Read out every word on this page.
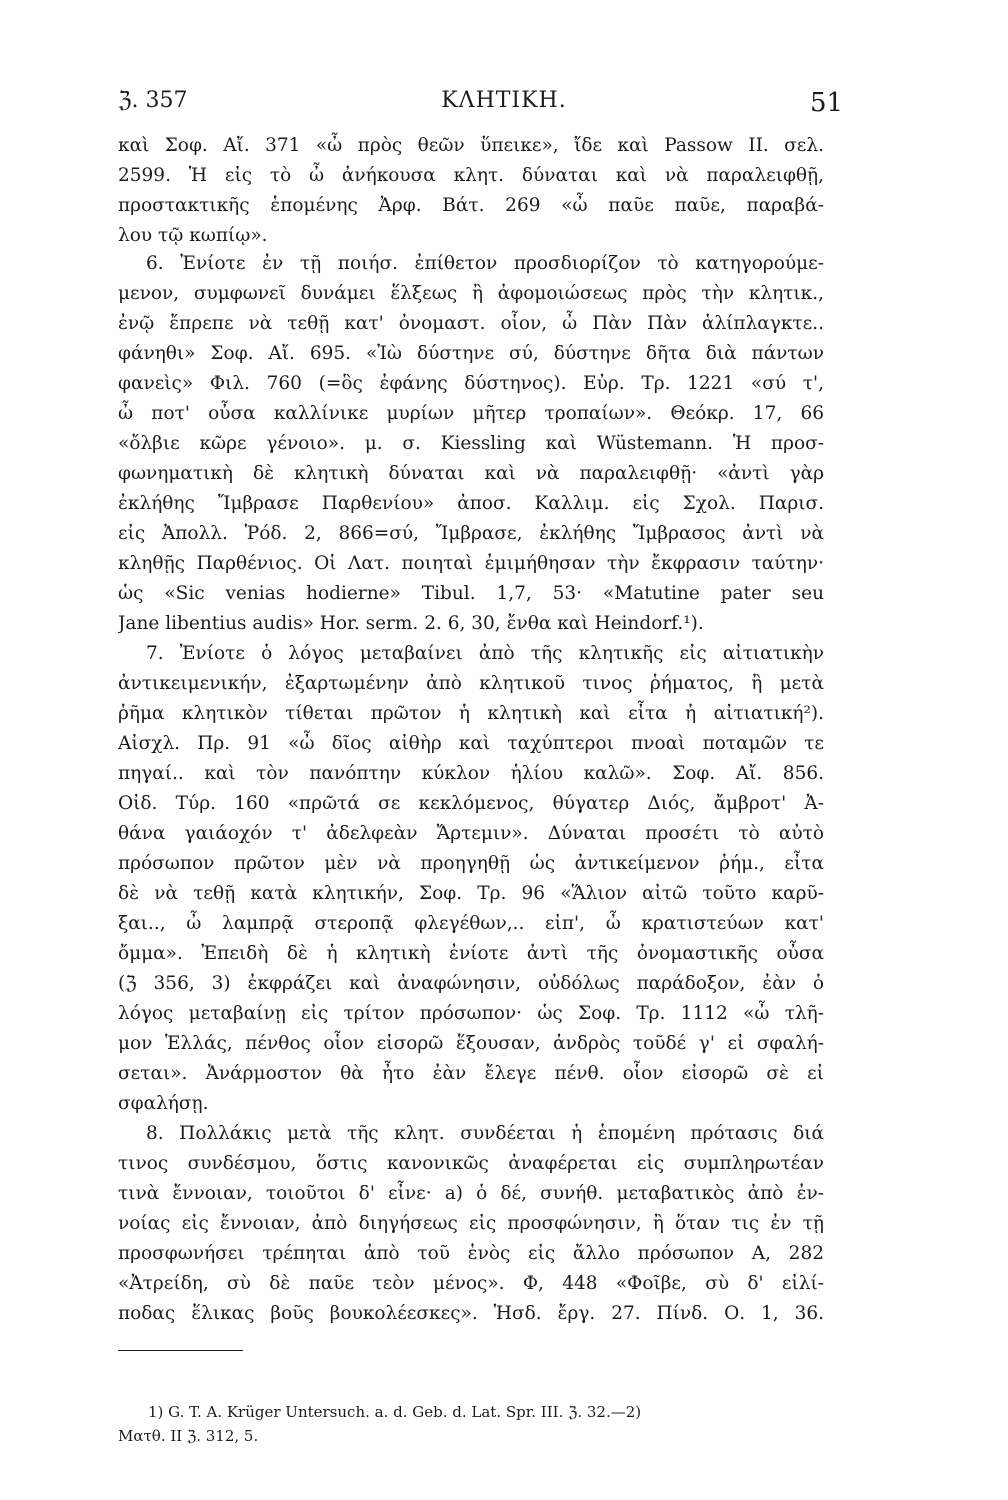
ℨ. 357	ΚΛΗΤΙΚΗ.	51
καὶ Σοφ. Αἴ. 371 «ὦ πρὸς θεῶν ὕπεικε», ἴδε καὶ Passow II. σελ.
2599. Ἡ εἰς τὸ ὦ ἀνήκουσα κλητ. δύναται καὶ νὰ παραλειφθῇ,
προστακτικῆς ἑπομένης Ἀρφ. Βάτ. 269 «ὦ παῦε παῦε, παραβά-
λου τῷ κωπίῳ».
6. Ἐνίοτε ἐν τῇ ποιήσ. ἐπίθετον προσδιορίζον τὸ κατηγορούμε-
μενον, συμφωνεῖ δυνάμει ἕλξεως ἢ ἀφομοιώσεως πρὸς τὴν κλητικ.,
ἐνῷ ἔπρεπε νὰ τεθῇ κατ' ὀνομαστ. οἷον, ὦ Πὰν Πὰν ἁλίπλαγκτε..
φάνηθι» Σοφ. Αἴ. 695. «Ἰὼ δύστηνε σύ, δύστηνε δῆτα διὰ πάντων
φανεὶς» Φιλ. 760 (=ὃς ἐφάνης δύστηνος). Εὐρ. Τρ. 1221 «σύ τ',
ὦ ποτ' οὖσα καλλίνικε μυρίων μῆτερ τροπαίων». Θεόκρ. 17, 66
«ὄλβιε κῶρε γένοιο». μ. σ. Kiessling καὶ Wüstemann. Ἡ προσ-
φωνηματικὴ δὲ κλητικὴ δύναται καὶ νὰ παραλειφθῇ· «ἀντὶ γὰρ
ἐκλήθης Ἴμβρασε Παρθενίου» ἀποσ. Καλλιμ. εἰς Σχολ. Παρισ.
εἰς Ἀπολλ. Ῥόδ. 2, 866=σύ, Ἴμβρασε, ἐκλήθης Ἴμβρασος ἀντὶ νὰ
κληθῇς Παρθένιος. Οἱ Λατ. ποιηταὶ ἐμιμήθησαν τὴν ἔκφρασιν ταύτην·
ὡς «Sic venias hodierne» Tibul. 1,7, 53· «Matutine pater seu
Jane libentius audis» Hor. serm. 2. 6, 30, ἔνθα καὶ Heindorf.¹).
7. Ἐνίοτε ὁ λόγος μεταβαίνει ἀπὸ τῆς κλητικῆς εἰς αἰτιατικὴν
ἀντικειμενικήν, ἐξαρτωμένην ἀπὸ κλητικοῦ τινος ῥήματος, ἢ μετὰ
ῥῆμα κλητικὸν τίθεται πρῶτον ἡ κλητικὴ καὶ εἶτα ἡ αἰτιατική²).
Αἰσχλ. Πρ. 91 «ὦ δῖος αἰθὴρ καὶ ταχύπτεροι πνοαὶ ποταμῶν τε
πηγαί.. καὶ τὸν πανόπτην κύκλον ἡλίου καλῶ». Σοφ. Αἴ. 856.
Οἰδ. Τύρ. 160 «πρῶτά σε κεκλόμενος, θύγατερ Διός, ἄμβροτ' Ἀ-
θάνα γαιάοχόν τ' ἀδελφεὰν Ἄρτεμιν». Δύναται προσέτι τὸ αὐτὸ
πρόσωπον πρῶτον μὲν νὰ προηγηθῇ ὡς ἀντικείμενον ῥήμ., εἶτα
δὲ νὰ τεθῇ κατὰ κλητικήν, Σοφ. Τρ. 96 «Ἅλιον αἰτῶ τοῦτο καρῦ-
ξαι.., ὦ λαμπρᾷ στεροπᾷ φλεγέθων,.. εἰπ', ὦ κρατιστεύων κατ'
ὄμμα». Ἐπειδὴ δὲ ἡ κλητικὴ ἐνίοτε ἀντὶ τῆς ὀνομαστικῆς οὖσα
(ℨ 356, 3) ἐκφράζει καὶ ἀναφώνησιν, οὐδόλως παράδοξον, ἐὰν ὁ
λόγος μεταβαίνῃ εἰς τρίτον πρόσωπον· ὡς Σοφ. Τρ. 1112 «ὦ τλῆ-
μον Ἑλλάς, πένθος οἷον εἰσορῶ ἕξουσαν, ἀνδρὸς τοῦδέ γ' εἰ σφαλή-
σεται». Ἀνάρμοστον θὰ ἦτο ἐὰν ἔλεγε πένθ. οἷον εἰσορῶ σὲ εἰ
σφαλήσῃ.
8. Πολλάκις μετὰ τῆς κλητ. συνδέεται ἡ ἑπομένη πρότασις διά
τινος συνδέσμου, ὅστις κανονικῶς ἀναφέρεται εἰς συμπληρωτέαν
τινὰ ἔννοιαν, τοιοῦτοι δ' εἶνε· a) ὁ δέ, συνήθ. μεταβατικὸς ἀπὸ ἐν-
νοίας εἰς ἔννοιαν, ἀπὸ διηγήσεως εἰς προσφώνησιν, ἢ ὅταν τις ἐν τῇ
προσφωνήσει τρέπηται ἀπὸ τοῦ ἑνὸς εἰς ἄλλο πρόσωπον Α, 282
«Ἀτρείδη, σὺ δὲ παῦε τεὸν μένος». Φ, 448 «Φοῖβε, σὺ δ' εἰλί-
ποδας ἕλικας βοῦς βουκολέεσκες». Ἡσδ. ἔργ. 27. Πίνδ. Ο. 1, 36.
1) G. T. A. Krüger Untersuch. a. d. Geb. d. Lat. Spr. III. ℨ. 32.—2)
Ματθ. II ℨ. 312, 5.
